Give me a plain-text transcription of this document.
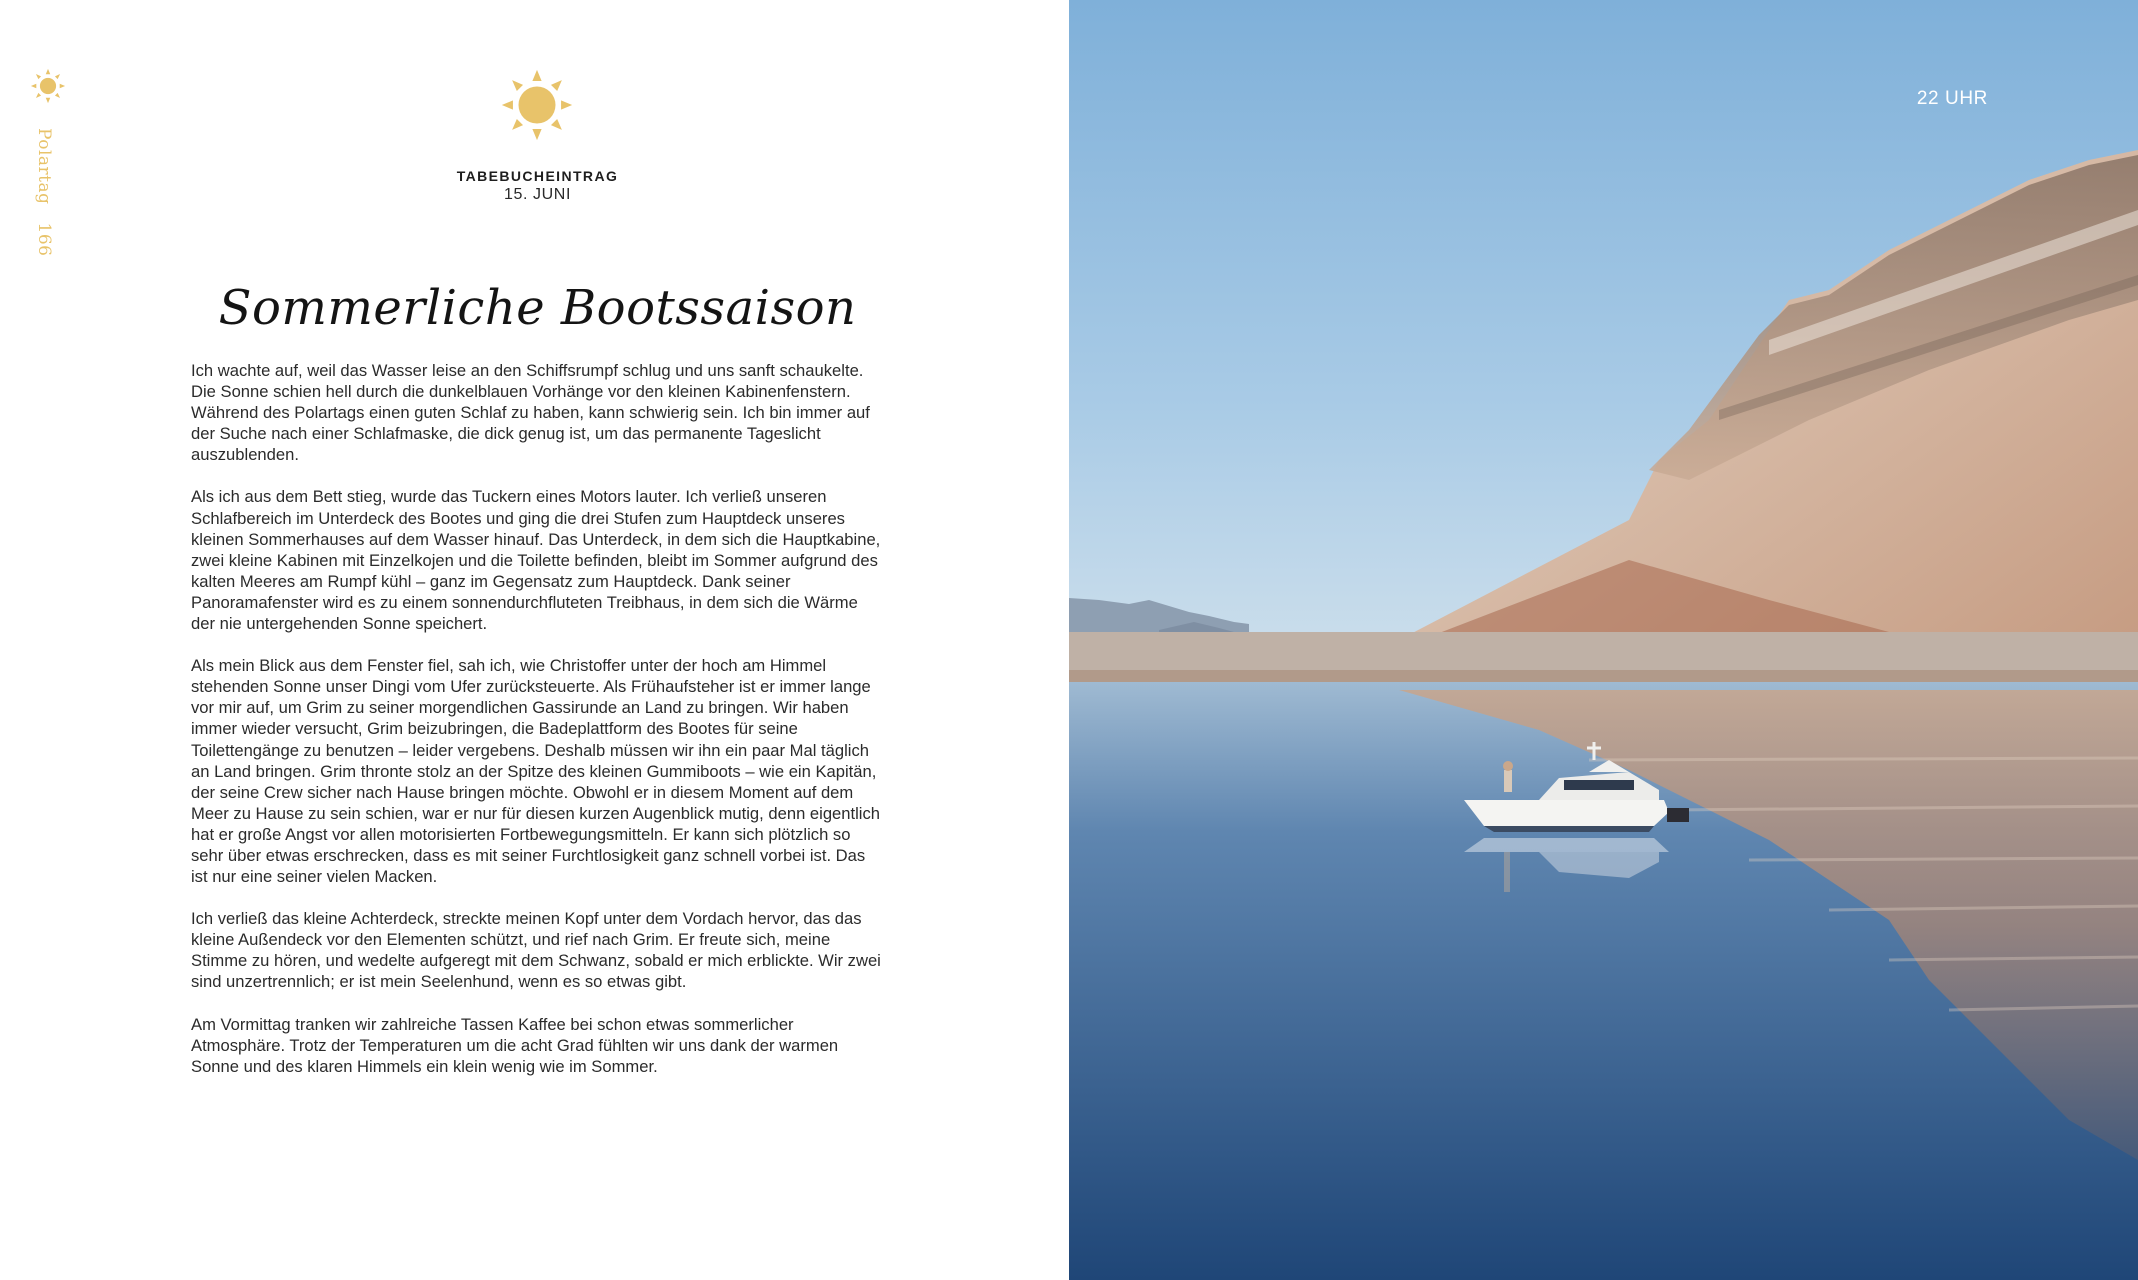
Polartag166
TABEBUCHEINTRAG
15. JUNI
Sommerliche Bootssaison

Ich wachte auf, weil das Wasser leise an den Schiffsrumpf schlug und uns sanft schaukelte. Die Sonne schien hell durch die dunkelblauen Vorhänge vor den kleinen Kabinenfenstern. Während des Polartags einen guten Schlaf zu haben, kann schwierig sein. Ich bin immer auf der Suche nach einer Schlafmaske, die dick genug ist, um das permanente Tageslicht auszublenden.

Als ich aus dem Bett stieg, wurde das Tuckern eines Motors lauter. Ich verließ unseren Schlafbereich im Unterdeck des Bootes und ging die drei Stufen zum Hauptdeck unseres kleinen Sommerhauses auf dem Wasser hinauf. Das Unterdeck, in dem sich die Hauptkabine, zwei kleine Kabinen mit Einzelkojen und die Toilette befinden, bleibt im Sommer aufgrund des kalten Meeres am Rumpf kühl – ganz im Gegensatz zum Hauptdeck. Dank seiner Panoramafenster wird es zu einem sonnendurchfluteten Treibhaus, in dem sich die Wärme der nie untergehenden Sonne speichert.

Als mein Blick aus dem Fenster fiel, sah ich, wie Christoffer unter der hoch am Himmel stehenden Sonne unser Dingi vom Ufer zurücksteuerte. Als Frühaufsteher ist er immer lange vor mir auf, um Grim zu seiner morgendlichen Gassirunde an Land zu bringen. Wir haben immer wieder versucht, Grim beizubringen, die Badeplattform des Bootes für seine Toilettengänge zu benutzen – leider vergebens. Deshalb müssen wir ihn ein paar Mal täglich an Land bringen. Grim thronte stolz an der Spitze des kleinen Gummiboots – wie ein Kapitän, der seine Crew sicher nach Hause bringen möchte. Obwohl er in diesem Moment auf dem Meer zu Hause zu sein schien, war er nur für diesen kurzen Augenblick mutig, denn eigentlich hat er große Angst vor allen motorisierten Fortbewegungsmitteln. Er kann sich plötzlich so sehr über etwas erschrecken, dass es mit seiner Furchtlosigkeit ganz schnell vorbei ist. Das ist nur eine seiner vielen Macken.

Ich verließ das kleine Achterdeck, streckte meinen Kopf unter dem Vordach hervor, das das kleine Außendeck vor den Elementen schützt, und rief nach Grim. Er freute sich, meine Stimme zu hören, und wedelte aufgeregt mit dem Schwanz, sobald er mich erblickte. Wir zwei sind unzertrennlich; er ist mein Seelenhund, wenn es so etwas gibt.

Am Vormittag tranken wir zahlreiche Tassen Kaffee bei schon etwas sommerlicher Atmosphäre. Trotz der Temperaturen um die acht Grad fühlten wir uns dank der warmen Sonne und des klaren Himmels ein klein wenig wie im Sommer.

22 UHR
